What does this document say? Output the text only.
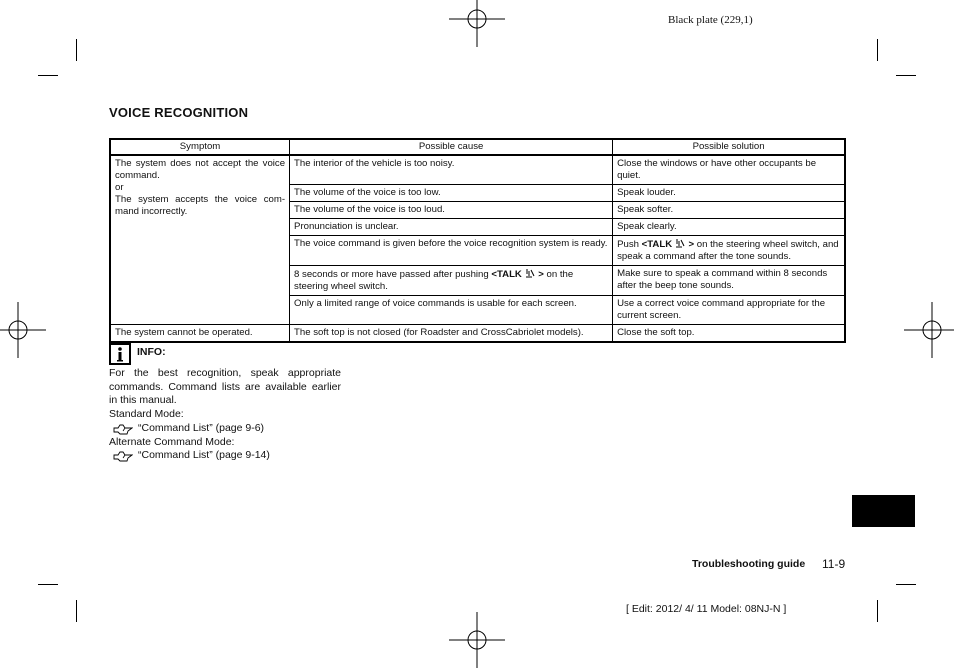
Black plate (229,1)
VOICE RECOGNITION
Symptom	Possible cause	Possible solution

The system does not accept the voice command.
or
The system accepts the voice com-mand incorrectly.	The interior of the vehicle is too noisy.	Close the windows or have other occupants be quiet.
	The volume of the voice is too low.	Speak louder.
	The volume of the voice is too loud.	Speak softer.
	Pronunciation is unclear.	Speak clearly.
	The voice command is given before the voice recognition system is ready.	Push <TALK > on the steering wheel switch, and speak a command after the tone sounds.
	8 seconds or more have passed after pushing <TALK > on the steering wheel switch.	Make sure to speak a command within 8 seconds after the beep tone sounds.
	Only a limited range of voice commands is usable for each screen.	Use a correct voice command appropriate for the current screen.
The system cannot be operated.	The soft top is not closed (for Roadster and CrossCabriolet models).	Close the soft top.
INFO:
For the best recognition, speak appropriate commands. Command lists are available earlier in this manual.
Standard Mode:
“Command List” (page 9-6)
Alternate Command Mode:
“Command List” (page 9-14)
Troubleshooting guide 11-9
[ Edit: 2012/ 4/ 11 Model: 08NJ-N ]
